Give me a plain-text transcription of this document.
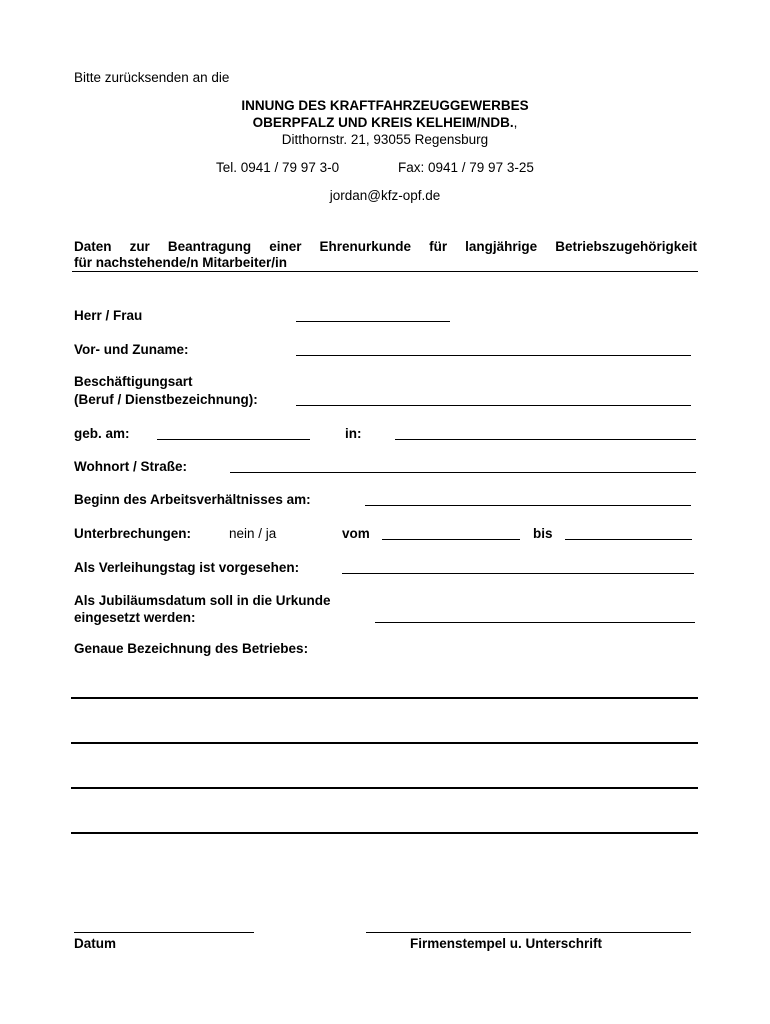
Bitte zurücksenden an die
INNUNG DES KRAFTFAHRZEUGGEWERBES
OBERPFALZ UND KREIS KELHEIM/NDB.,
Ditthornstr. 21, 93055 Regensburg
Tel. 0941 / 79 97 3-0	Fax: 0941 / 79 97 3-25
jordan@kfz-opf.de
Daten zur Beantragung einer Ehrenurkunde für langjährige Betriebszugehörigkeit
für nachstehende/n Mitarbeiter/in
Herr / Frau
Vor- und Zuname:
Beschäftigungsart
(Beruf / Dienstbezeichnung):
geb. am:	in:
Wohnort / Straße:
Beginn des Arbeitsverhältnisses am:
Unterbrechungen:	nein / ja	vom	bis
Als Verleihungstag ist vorgesehen:
Als Jubiläumsdatum soll in die Urkunde
eingesetzt werden:
Genaue Bezeichnung des Betriebes:
Datum	Firmenstempel u. Unterschrift
